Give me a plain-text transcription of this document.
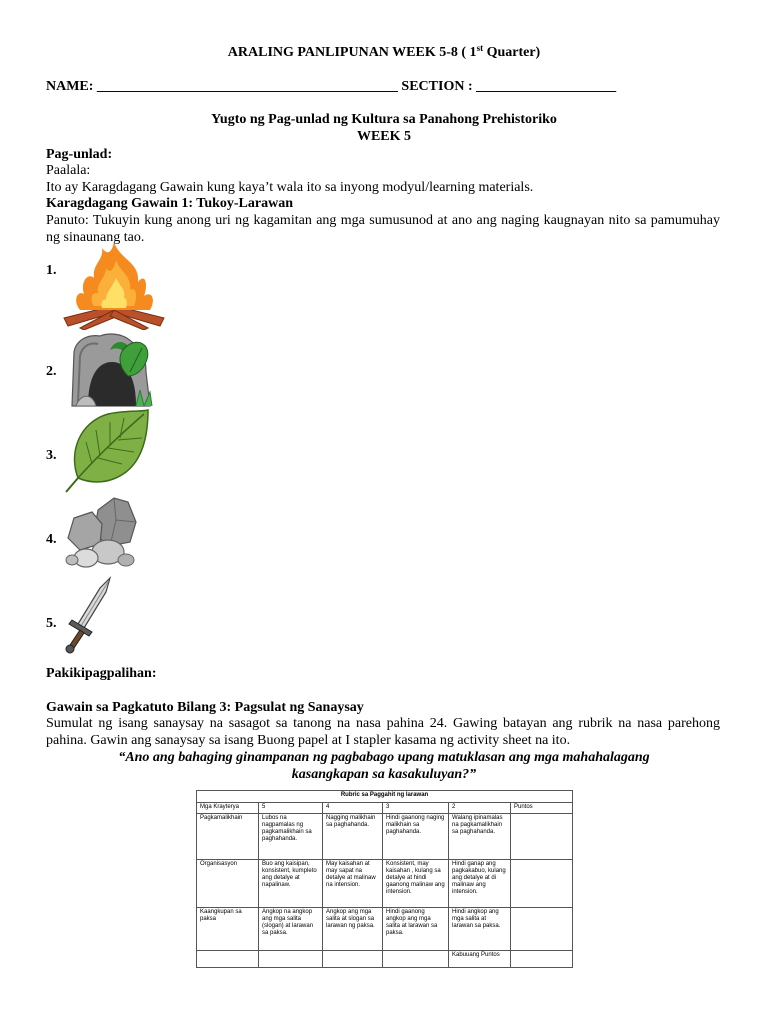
ARALING PANLIPUNAN WEEK 5-8 ( 1st Quarter)
NAME: ___________________________________________ SECTION : ____________________
Yugto ng Pag-unlad ng Kultura sa Panahong Prehistoriko
WEEK 5
Pag-unlad:
Paalala:
Ito ay Karagdagang Gawain kung kaya’t wala ito sa inyong modyul/learning materials.
Karagdagang Gawain 1: Tukoy-Larawan
Panuto: Tukuyin kung anong uri ng kagamitan ang mga sumusunod at ano ang naging kaugnayan nito sa pamumuhay ng sinaunang tao.
1.
2.
3.
4.
5.
Pakikipagpalihan:
Gawain sa Pagkatuto Bilang 3: Pagsulat ng Sanaysay
Sumulat ng isang sanaysay na sasagot sa tanong na nasa pahina 24. Gawing batayan ang rubrik na nasa parehong pahina. Gawin ang sanaysay sa isang Buong papel at I stapler kasama ng activity sheet na ito.
“Ano ang bahaging ginampanan ng pagbabago upang matuklasan ang mga mahahalagang
kasangkapan sa kasakuluyan?”
Rubric sa Paggahit ng larawan					
Mga Krayterya	5	4	3	2	Puntos
Pagkamalikhain	Lubos na nagpamalas ng pagkamalikhain sa paghahanda.	Nagging malikhain sa paghahanda.	Hindi gaanong naging malikhain sa paghahanda.	Walang ipinamalas na pagkamalikhain sa paghahanda.	
Organisasyon	Buo ang kaisipan, konsistent, kumpleto ang detalye at napalinaw.	May kaisahan at may sapat na detalye at malinaw na intension.	Konsistent, may kaisahan , kulang sa detalye at hindi gaanong malinaw ang intension.	Hindi ganap ang pagkakabuo, kulang ang detalye at di malinaw ang intension.	
Kaangkupan sa paksa	Angkop na angkop ang mga salita (slogan) at larawan sa paksa.	Angkop ang mga salita at slogan sa larawan ng paksa.	Hindi gaanong angkop ang mga salita at larawan sa paksa.	Hindi angkop ang mga salita at larawan sa paksa.	
				Kabuuang Puntos	
